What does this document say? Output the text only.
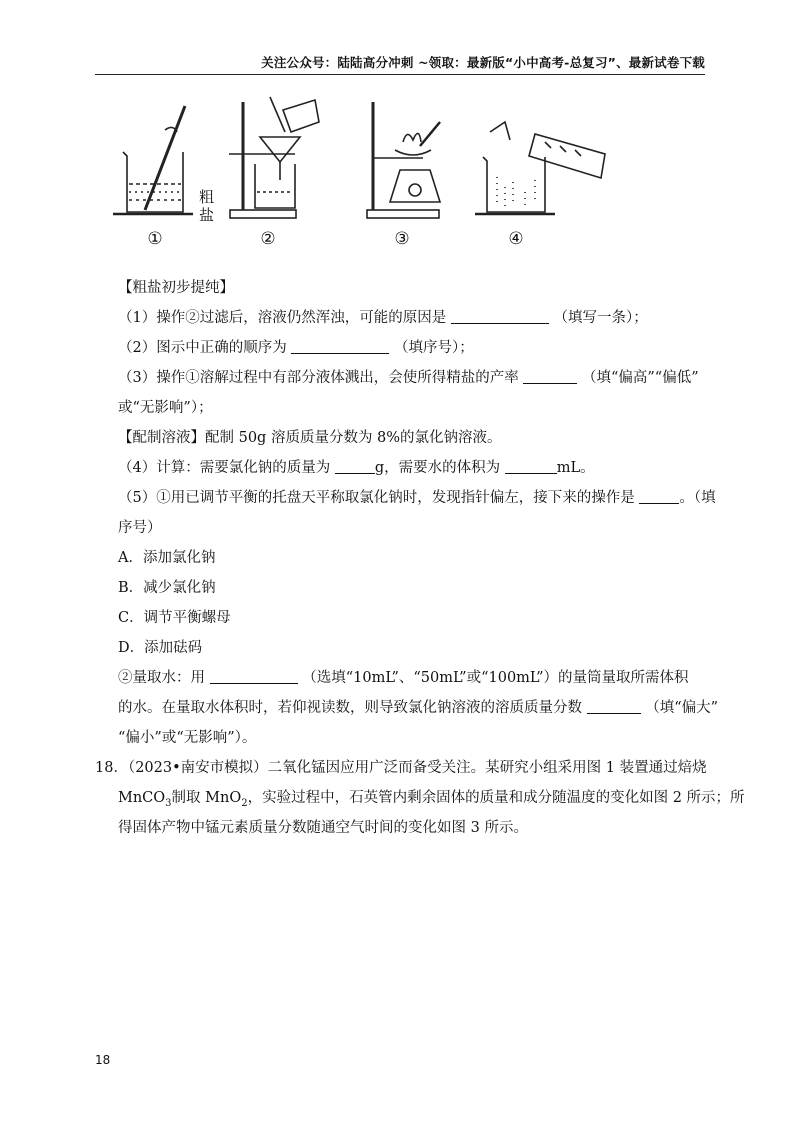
关注公众号：陆陆高分冲刺 ~领取：最新版“小中高考-总复习”、最新试卷下载
粗
盐
①	②	③	④
【粗盐初步提纯】
（1）操作②过滤后，溶液仍然浑浊，可能的原因是	（填写一条）；
（2）图示中正确的顺序为	（填序号）；
（3）操作①溶解过程中有部分液体溅出，会使所得精盐的产率	（填“偏高”“偏低”
或“无影响”）；
【配制溶液】配制 50g 溶质质量分数为 8%的氯化钠溶液。
（4）计算：需要氯化钠的质量为	g，需要水的体积为	mL。
（5）①用已调节平衡的托盘天平称取氯化钠时，发现指针偏左，接下来的操作是	。（填
序号）
A．添加氯化钠
B．减少氯化钠
C．调节平衡螺母
D．添加砝码
②量取水：用	（选填“10mL”、“50mL”或“100mL”）的量筒量取所需体积
的水。在量取水体积时，若仰视读数，则导致氯化钠溶液的溶质质量分数	（填“偏大”
“偏小”或“无影响”）。
18．（2023•南安市模拟）二氧化锰因应用广泛而备受关注。某研究小组采用图 1 装置通过焙烧
MnCO$_3$制取 MnO$_2$，实验过程中，石英管内剩余固体的质量和成分随温度的变化如图 2 所示；所
得固体产物中锰元素质量分数随通空气时间的变化如图 3 所示。
18
